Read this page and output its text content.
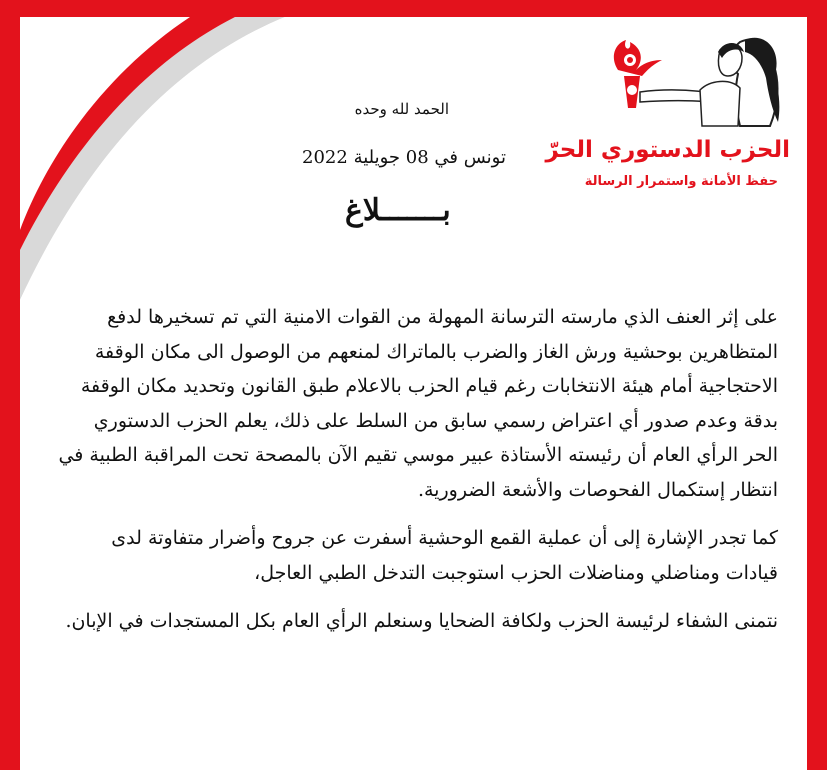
الحمد لله وحده

تونس في 08 جويلية 2022

بـــــــلاغ

الحزب الدستوري الحرّ

حفظ الأمانة واستمرار الرسالة

على إثر العنف الذي مارسته الترسانة المهولة من القوات الامنية التي تم تسخيرها لدفع المتظاهرين بوحشية ورش الغاز والضرب بالماتراك لمنعهم من الوصول الى مكان الوقفة الاحتجاجية أمام هيئة الانتخابات رغم قيام الحزب بالاعلام طبق القانون وتحديد مكان الوقفة بدقة وعدم صدور أي اعتراض رسمي سابق من السلط على ذلك، يعلم الحزب الدستوري الحر الرأي العام أن رئيسته الأستاذة عبير موسي تقيم الآن بالمصحة تحت المراقبة الطبية في انتظار إستكمال الفحوصات والأشعة الضرورية.

كما تجدر الإشارة إلى أن عملية القمع الوحشية أسفرت عن جروح وأضرار متفاوتة لدى قيادات ومناضلي ومناضلات الحزب استوجبت التدخل الطبي العاجل،

نتمنى الشفاء لرئيسة الحزب ولكافة الضحايا وسنعلم الرأي العام بكل المستجدات في الإبان.
